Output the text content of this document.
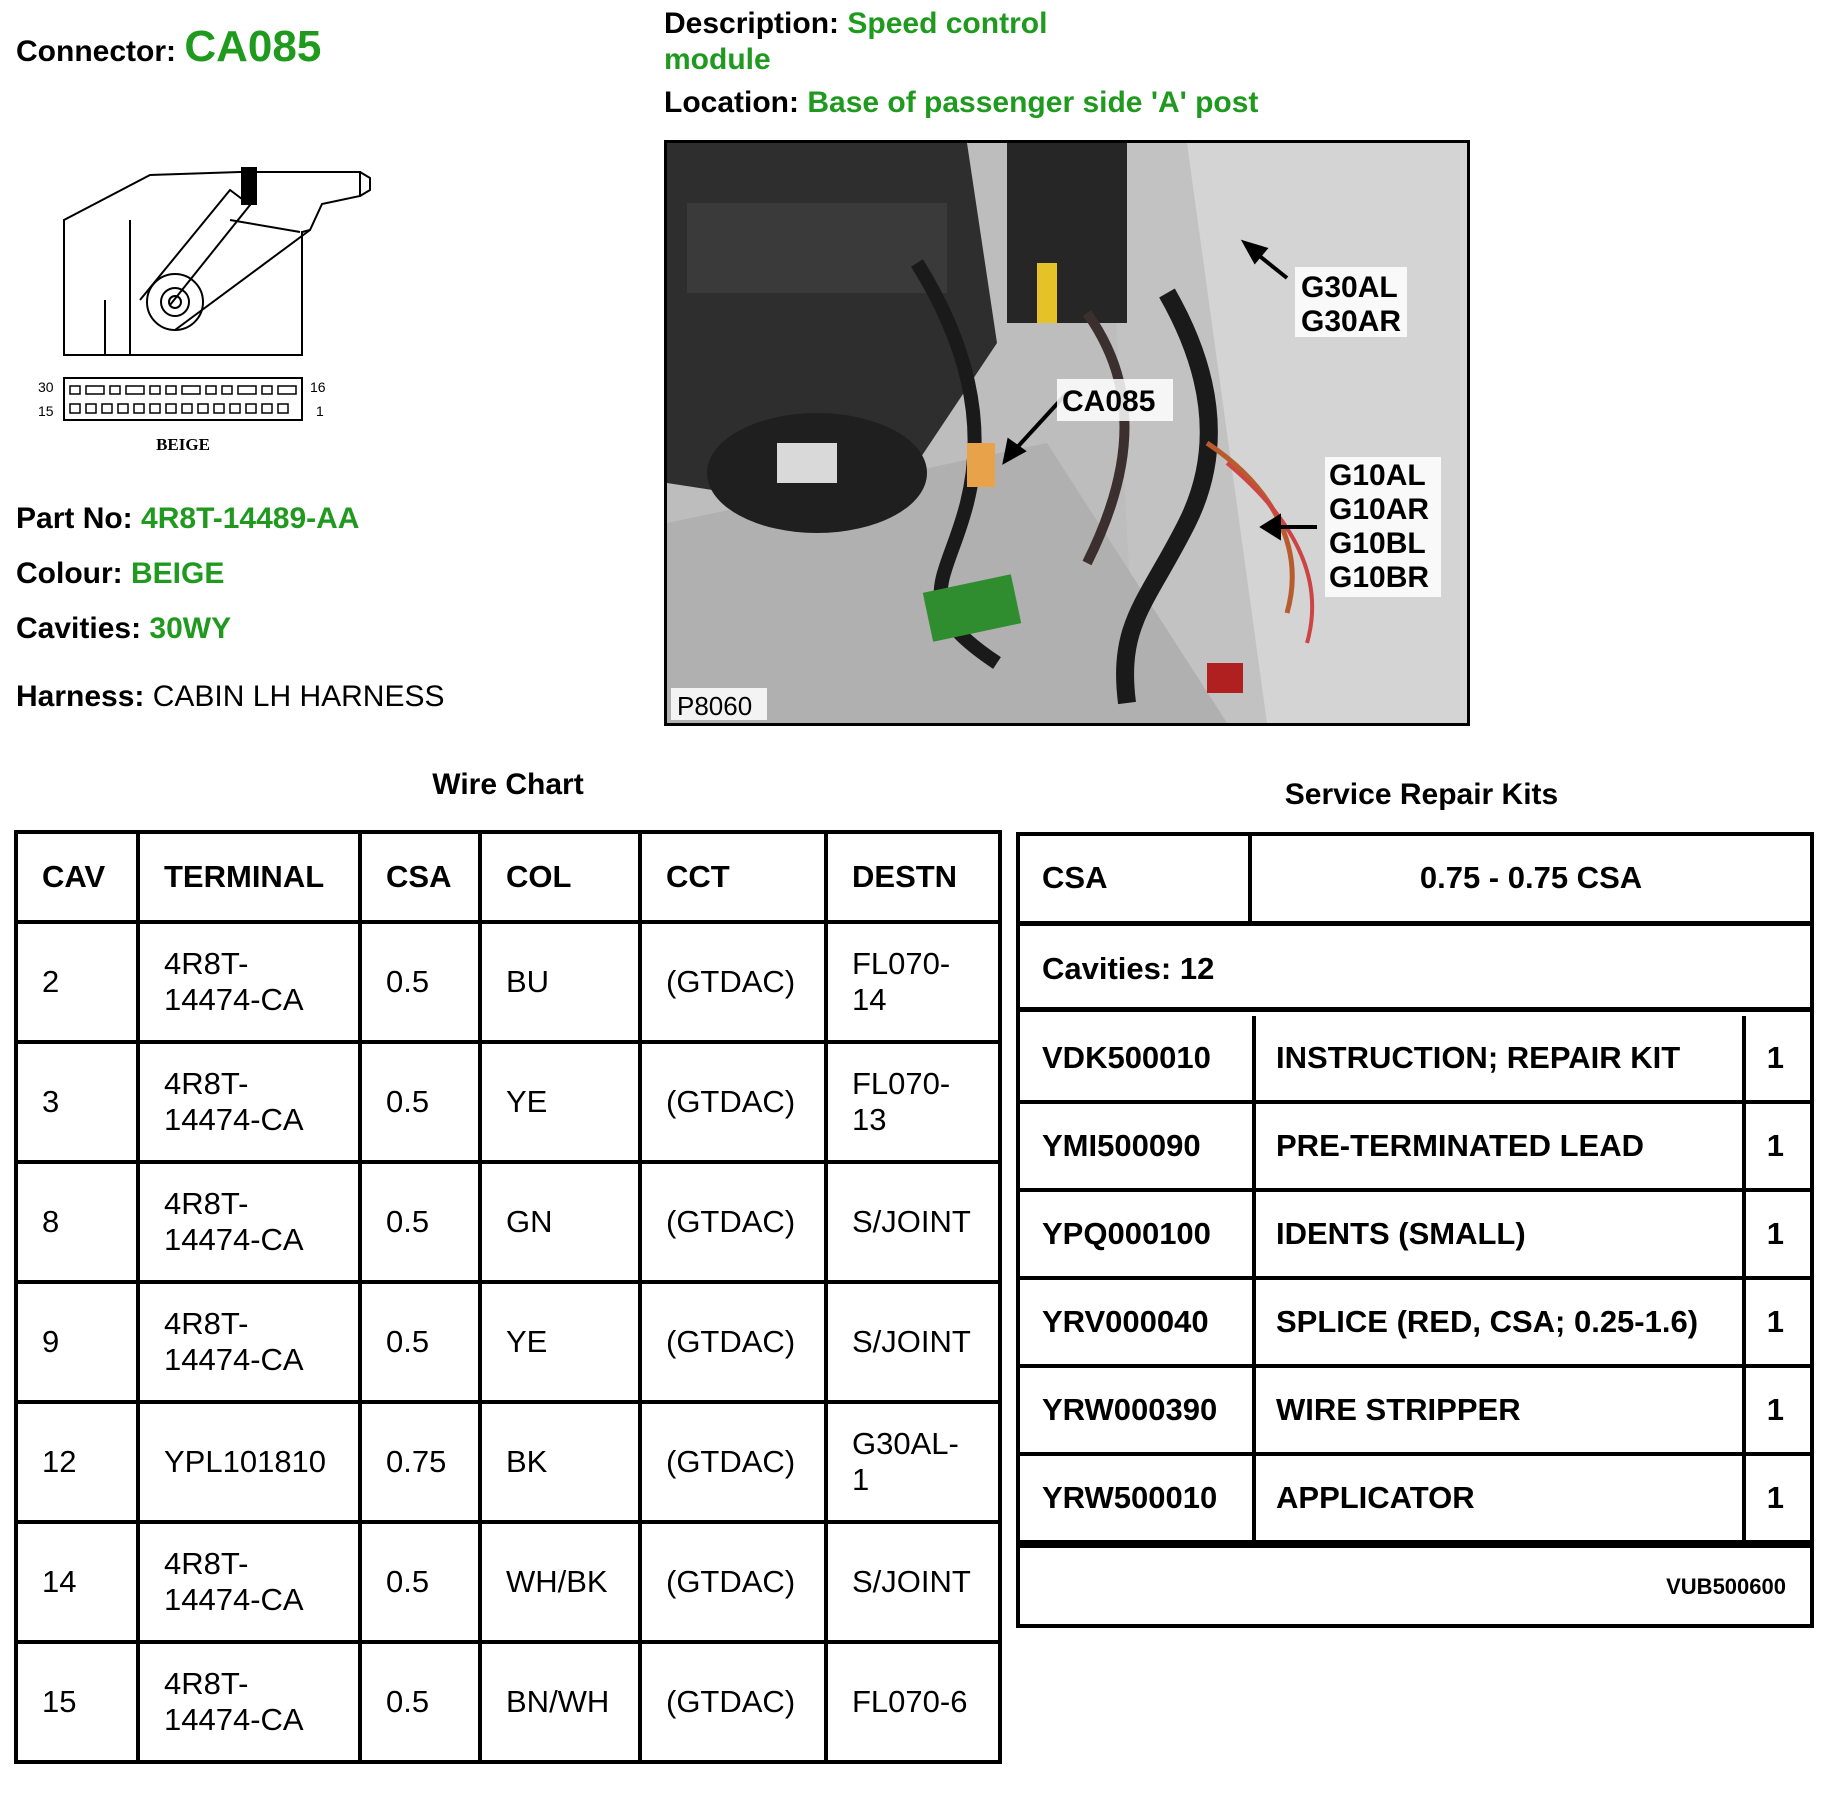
Connector: CA085	Description: Speed control
module
Location: Base of passenger side 'A' post
30
15
16
1
BEIGE
Part No: 4R8T-14489-AA
Colour: BEIGE
Cavities: 30WY
Harness: CABIN LH HARNESS
G30AL
G30AR
CA085
G10AL
G10AR
G10BL
G10BR
P8060
Wire Chart
CAV	TERMINAL	CSA	COL	CCT	DESTN
2	4R8T-
14474-CA	0.5	BU	(GTDAC)	FL070-
14
3	4R8T-
14474-CA	0.5	YE	(GTDAC)	FL070-
13
8	4R8T-
14474-CA	0.5	GN	(GTDAC)	S/JOINT
9	4R8T-
14474-CA	0.5	YE	(GTDAC)	S/JOINT
12	YPL101810	0.75	BK	(GTDAC)	G30AL-
1
14	4R8T-
14474-CA	0.5	WH/BK	(GTDAC)	S/JOINT
15	4R8T-
14474-CA	0.5	BN/WH	(GTDAC)	FL070-6
Service Repair Kits
CSA	0.75 - 0.75 CSA
Cavities: 12
VDK500010 INSTRUCTION; REPAIR KIT	1
YMI500090 PRE-TERMINATED LEAD	1
YPQ000100 IDENTS (SMALL)	1
YRV000040 SPLICE (RED, CSA; 0.25-1.6) 1
YRW000390 WIRE STRIPPER	1
YRW500010 APPLICATOR	1
VUB500600
